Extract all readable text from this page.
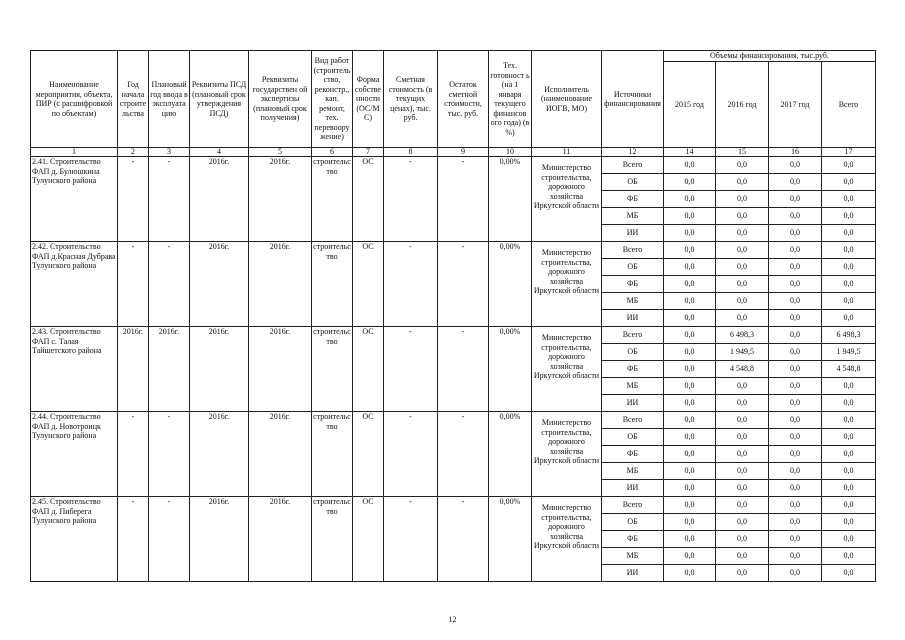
Наименование мероприятия, объекта, ПИР (с расшифровкой по объектам)	Год начала строите льства	Плановый год ввода в эксплуата цию	Реквизиты ПСД (плановый срок утверждения ПСД)	Реквизиты государствен ой экспертизы (плановый срок получения)	Вид работ (строитель ство, реконстр., кап. ремонт, тех. перевоору жение)	Форма собстве нности (ОС/М С)	Сметная стоимость (в текущих ценах), тыс. руб.	Остаток сметной стоимости, тыс. руб.	Тех. готовност ь (на 1 января текущего финансов ого года) (в %)	Исполнитель (наименование ИОГВ, МО)	Источники финансирования	Объемы финансирования, тыс.руб.			
												2015 год	2016 год	2017 год	Всего
1	2	3	4	5	6	7	8	9	10	11	12	14	15	16	17
2.41. Строительство ФАП д. Булюшкина Тулунского района	-	-	2016г.	2016г.	строительс тво	ОС	-	-	0,00%	Министерство строительства, дорожного хозяйства Иркутской области	Всего	0,0	0,0	0,0	0,0
											ОБ	0,0	0,0	0,0	0,0
											ФБ	0,0	0,0	0,0	0,0
											МБ	0,0	0,0	0,0	0,0
											ИИ	0,0	0,0	0,0	0,0
2.42. Строительство ФАП д.Красная Дубрава Тулунского района	-	-	2016г.	2016г.	строительс тво	ОС	-	-	0,00%	Министерство строительства, дорожного хозяйства Иркутской области	Всего	0,0	0,0	0,0	0,0
											ОБ	0,0	0,0	0,0	0,0
											ФБ	0,0	0,0	0,0	0,0
											МБ	0,0	0,0	0,0	0,0
											ИИ	0,0	0,0	0,0	0,0
2.43. Строительство ФАП с. Талая Тайшетского района	2016г.	2016г.	2016г.	2016г.	строительс тво	ОС	-	-	0,00%	Министерство строительства, дорожного хозяйства Иркутской области	Всего	0,0	6 498,3	0,0	6 498,3
											ОБ	0,0	1 949,5	0,0	1 949,5
											ФБ	0,0	4 548,8	0,0	4 548,8
											МБ	0,0	0,0	0,0	0,0
											ИИ	0,0	0,0	0,0	0,0
2.44. Строительство ФАП д. Новотроицк Тулунского района	-	-	2016г.	2016г.	строительс тво	ОС	-	-	0,00%	Министерство строительства, дорожного хозяйства Иркутской области	Всего	0,0	0,0	0,0	0,0
											ОБ	0,0	0,0	0,0	0,0
											ФБ	0,0	0,0	0,0	0,0
											МБ	0,0	0,0	0,0	0,0
											ИИ	0,0	0,0	0,0	0,0
2.45. Строительство ФАП д. Пиберега Тулунского района	-	-	2016г.	2016г.	строительс тво	ОС	-	-	0,00%	Министерство строительства, дорожного хозяйства Иркутской области	Всего	0,0	0,0	0,0	0,0
											ОБ	0,0	0,0	0,0	0,0
											ФБ	0,0	0,0	0,0	0,0
											МБ	0,0	0,0	0,0	0,0
											ИИ	0,0	0,0	0,0	0,0
12
